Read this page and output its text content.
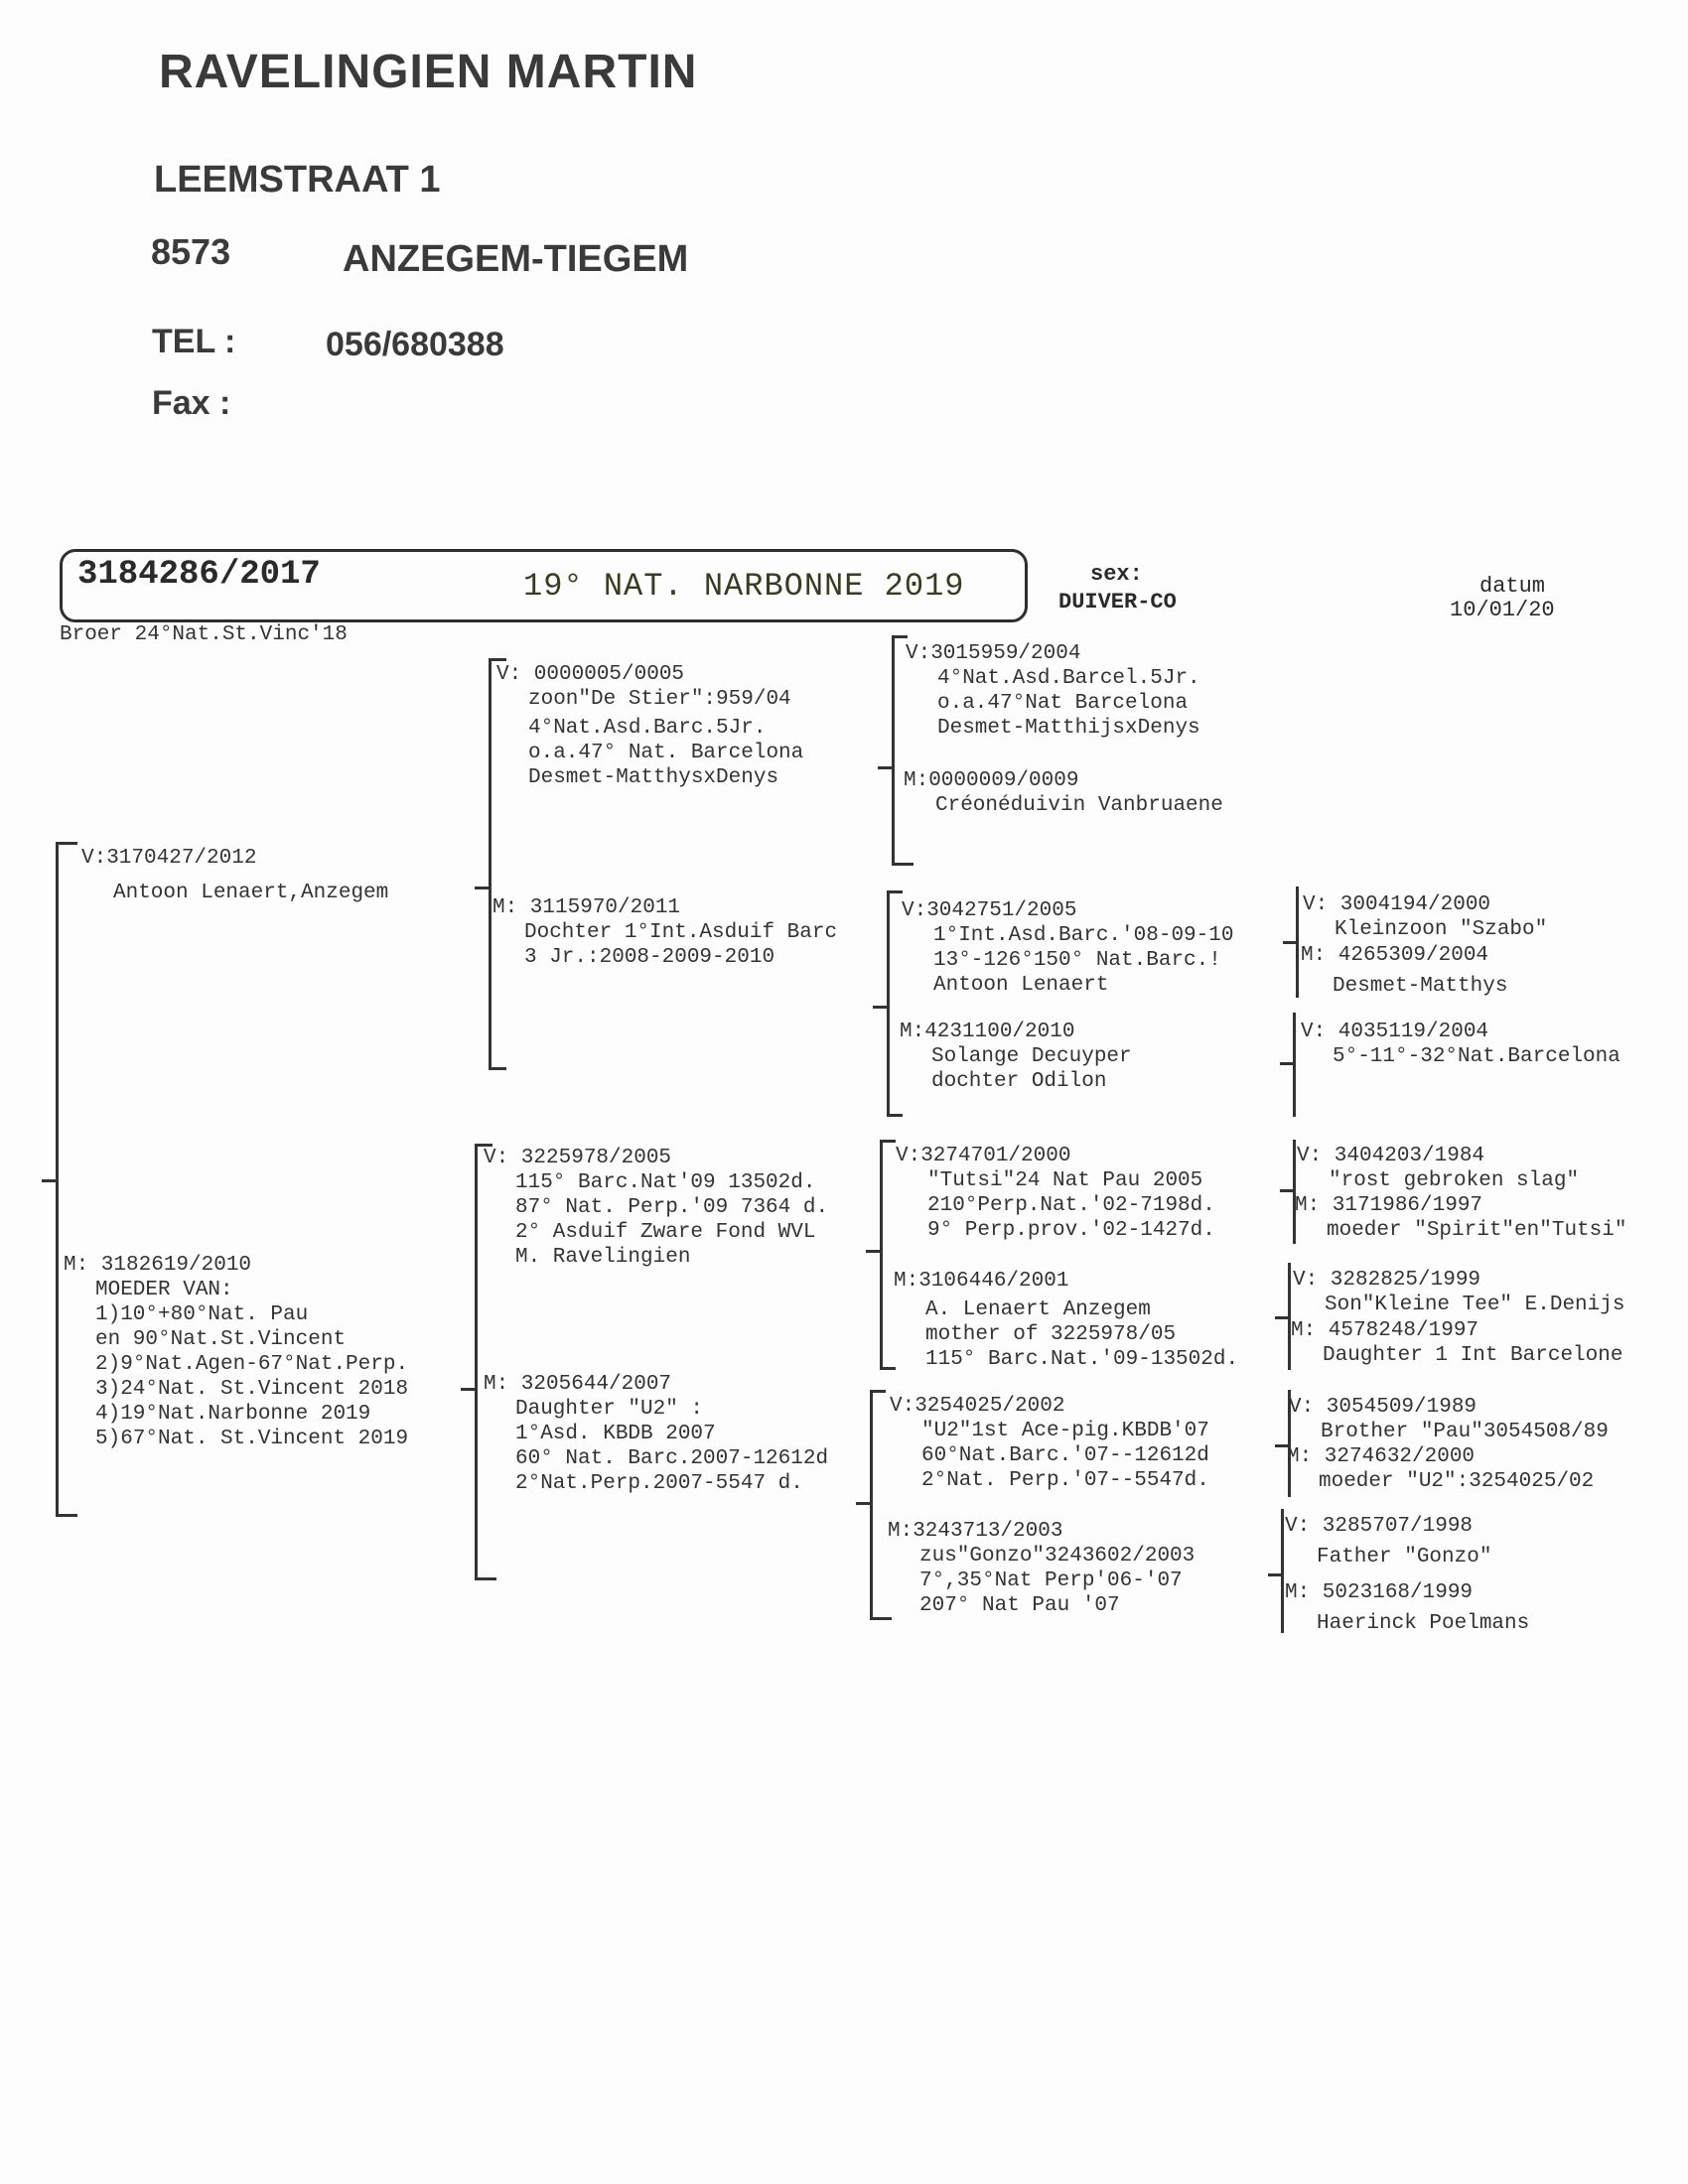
RAVELINGIEN MARTIN
LEEMSTRAAT 1
8573	ANZEGEM-TIEGEM
TEL :	056/680388
Fax :
3184286/2017	19° NAT. NARBONNE 2019	sex:
DUIVER-CO
datum
10/01/20
Broer 24°Nat.St.Vinc'18
V:3170427/2012
Antoon Lenaert,Anzegem
M: 3182619/2010
MOEDER VAN:
1)10°+80°Nat. Pau
en 90°Nat.St.Vincent
2)9°Nat.Agen-67°Nat.Perp.
3)24°Nat. St.Vincent 2018
4)19°Nat.Narbonne 2019
5)67°Nat. St.Vincent 2019
V: 0000005/0005
zoon"De Stier":959/04
4°Nat.Asd.Barc.5Jr.
o.a.47° Nat. Barcelona
Desmet-MatthysxDenys
M: 3115970/2011
Dochter 1°Int.Asduif Barc
3 Jr.:2008-2009-2010
V: 3225978/2005
115° Barc.Nat'09 13502d.
87° Nat. Perp.'09 7364 d.
2° Asduif Zware Fond WVL
M. Ravelingien
M: 3205644/2007
Daughter "U2" :
1°Asd. KBDB 2007
60° Nat. Barc.2007-12612d
2°Nat.Perp.2007-5547 d.
V:3015959/2004
4°Nat.Asd.Barcel.5Jr.
o.a.47°Nat Barcelona
Desmet-MatthijsxDenys
M:0000009/0009
Créonéduivin Vanbruaene
V:3042751/2005
1°Int.Asd.Barc.'08-09-10
13°-126°150° Nat.Barc.!
Antoon Lenaert
M:4231100/2010
Solange Decuyper
dochter Odilon
V:3274701/2000
"Tutsi"24 Nat Pau 2005
210°Perp.Nat.'02-7198d.
9° Perp.prov.'02-1427d.
M:3106446/2001
A. Lenaert Anzegem
mother of 3225978/05
115° Barc.Nat.'09-13502d.
V:3254025/2002
"U2"1st Ace-pig.KBDB'07
60°Nat.Barc.'07--12612d
2°Nat. Perp.'07--5547d.
M:3243713/2003
zus"Gonzo"3243602/2003
7°,35°Nat Perp'06-'07
207° Nat Pau '07
V: 3004194/2000
Kleinzoon "Szabo"
M: 4265309/2004
Desmet-Matthys
V: 4035119/2004
5°-11°-32°Nat.Barcelona
V: 3404203/1984
"rost gebroken slag"
M: 3171986/1997
moeder "Spirit"en"Tutsi"
V: 3282825/1999
Son"Kleine Tee" E.Denijs
M: 4578248/1997
Daughter 1 Int Barcelone
V: 3054509/1989
Brother "Pau"3054508/89
M: 3274632/2000
moeder "U2":3254025/02
V: 3285707/1998
Father "Gonzo"
M: 5023168/1999
Haerinck Poelmans
